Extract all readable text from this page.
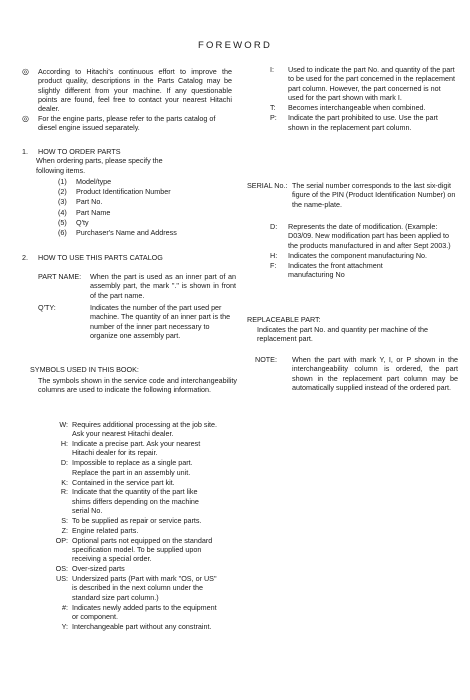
FOREWORD
◎ According to Hitachi's continuous effort to improve the product quality, descriptions in the Parts Catalog may be slightly different from your machine. If any questionable points are found, feel free to contact your nearest Hitachi dealer.
◎ For the engine parts, please refer to the parts catalog of diesel engine issued separately.
1. HOW TO ORDER PARTS
When ordering parts, please specify the following items.
(1) Model/type
(2) Product Identification Number
(3) Part No.
(4) Part Name
(5) Q'ty
(6) Purchaser's Name and Address
2. HOW TO USE THIS PARTS CATALOG
PART NAME: When the part is used as an inner part of an assembly part, the mark "." is shown in front of the part name.
Q'TY:	Indicates the number of the part used per machine. The quantity of an inner part is the number of the inner part necessary to organize one assembly part.
SYMBOLS USED IN THIS BOOK:
The symbols shown in the service code and interchangeability columns are used to indicate the following information.
W: Requires additional processing at the job site. Ask your nearest Hitachi dealer.
H: Indicate a precise part. Ask your nearest Hitachi dealer for its repair.
D: Impossible to replace as a single part. Replace the part in an assembly unit.
K: Contained in the service part kit.
R: Indicate that the quantity of the part like shims differs depending on the machine serial No.
S: To be supplied as repair or service parts.
Z: Engine related parts.
OP: Optional parts not equipped on the standard specification model. To be supplied upon receiving a special order.
OS: Over-sized parts
US: Undersized parts (Part with mark "OS, or US" is described in the next column under the standard size part column.)
#: Indicates newly added parts to the equipment or component.
Y: Interchangeable part without any constraint.
I: Used to indicate the part No. and quantity of the part to be used for the part concerned in the replacement part column. However, the part concerned is not used for the part shown with mark I.
T: Becomes interchangeable when combined.
P: Indicate the part prohibited to use. Use the part shown in the replacement part column.
SERIAL No.: The serial number corresponds to the last six-digit figure of the PIN (Product Identification Number) on the name-plate.
D: Represents the date of modification. (Example: D03/09. New modification part has been applied to the products manufactured in and after Sept 2003.)
H: Indicates the component manufacturing No.
F: Indicates the front attachment manufacturing No
REPLACEABLE PART:
Indicates the part No. and quantity per machine of the replacement part.
NOTE: When the part with mark Y, I, or P shown in the interchangeability column is ordered, the part shown in the replacement part column may be automatically supplied instead of the ordered part.
